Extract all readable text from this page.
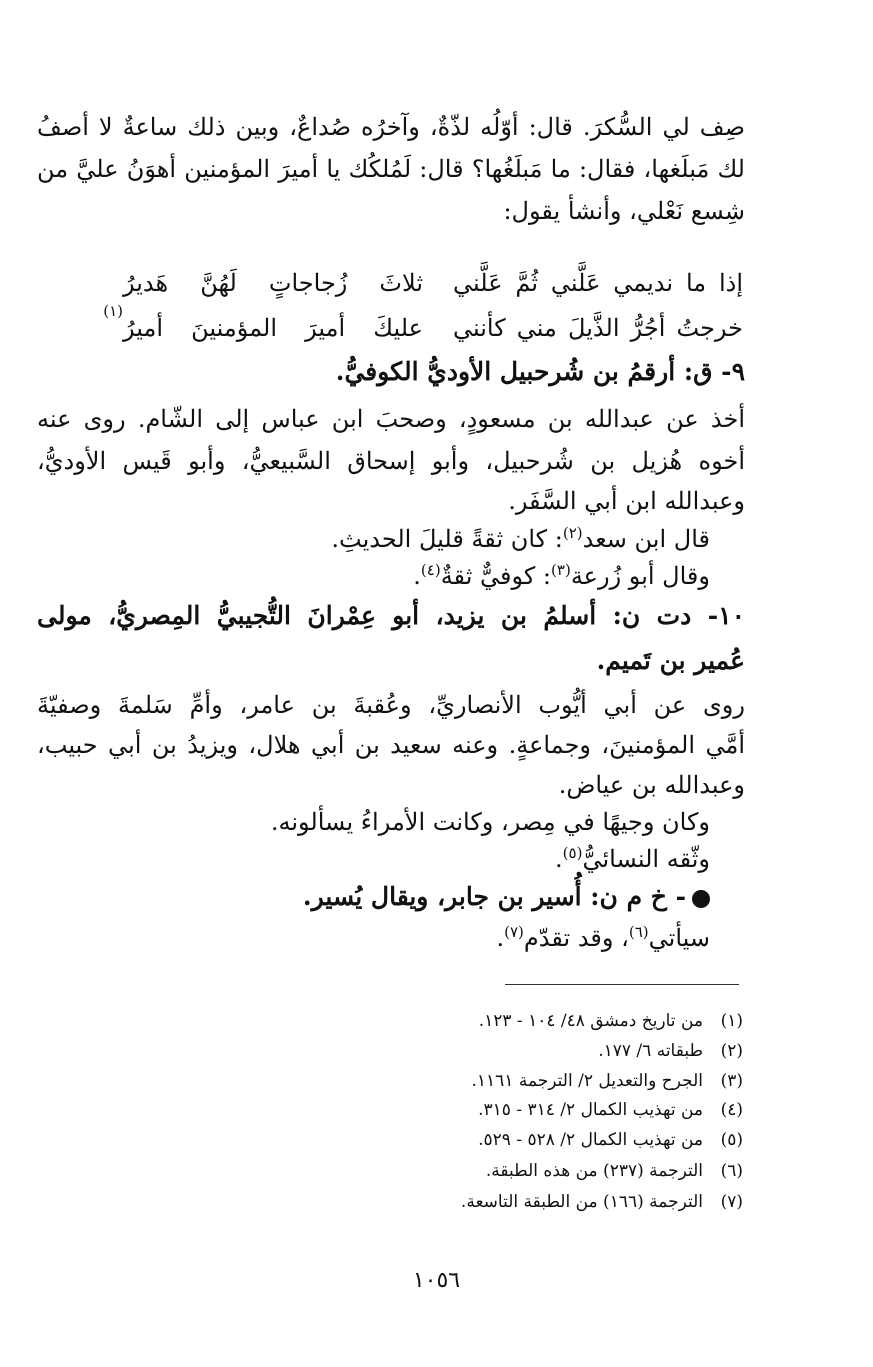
صِف لي السُّكرَ. قال: أوّلُه لذّةٌ، وآخرُه صُداعٌ، وبين ذلك ساعةٌ لا أصفُ
لك مَبلَغها، فقال: ما مَبلَغُها؟ قال: لَمُلكُك يا أميرَ المؤمنين أهوَنُ عليَّ من
شِسع نَعْلي، وأنشأ يقول:
إذا ما نديمي عَلَّني ثُمَّ عَلَّني
ثلاثَ زُجاجاتٍ لَهُنَّ هَديرُ
خرجتُ أجُرُّ الذَّيلَ مني كأنني
عليكَ أميرَ المؤمنينَ أميرُ
(١)
٩- ق: أرقمُ بن شُرحبيل الأوديُّ الكوفيُّ.
أخذ عن عبدالله بن مسعودٍ، وصحبَ ابن عباس إلى الشّام. روى عنه
أخوه هُزيل بن شُرحبيل، وأبو إسحاق السَّبيعيُّ، وأبو قَيس الأوديُّ،
وعبدالله ابن أبي السَّفَر.
قال ابن سعد$^{(٢)}$: كان ثقةً قليلَ الحديثِ.
وقال أبو زُرعة$^{(٣)}$: كوفيٌّ ثقةٌ$^{(٤)}$.
١٠- دت ن: أسلمُ بن يزيد، أبو عِمْرانَ التُّجيبيُّ المِصريُّ، مولى
عُمير بن تَميم.
روى عن أبي أيُّوب الأنصاريِّ، وعُقبةَ بن عامر، وأمِّ سَلمةَ وصفيّةَ
أمَّي المؤمنينَ، وجماعةٍ. وعنه سعيد بن أبي هلال، ويزيدُ بن أبي حبيب،
وعبدالله بن عياض.
وكان وجيهًا في مِصر، وكانت الأمراءُ يسألونه.
وثّقه النسائيُّ$^{(٥)}$.
- خ م ن: أُسير بن جابر، ويقال يُسير.
سيأتي$^{(٦)}$، وقد تقدّم$^{(٧)}$.
(١)من تاريخ دمشق ٤٨/ ١٠٤ - ١٢٣.
(٢)طبقاته ٦/ ١٧٧.
(٣)الجرح والتعديل ٢/ الترجمة ١١٦١.
(٤)من تهذيب الكمال ٢/ ٣١٤ - ٣١٥.
(٥)من تهذيب الكمال ٢/ ٥٢٨ - ٥٢٩.
(٦)الترجمة (٢٣٧) من هذه الطبقة.
(٧)الترجمة (١٦٦) من الطبقة التاسعة.
١٠٥٦
